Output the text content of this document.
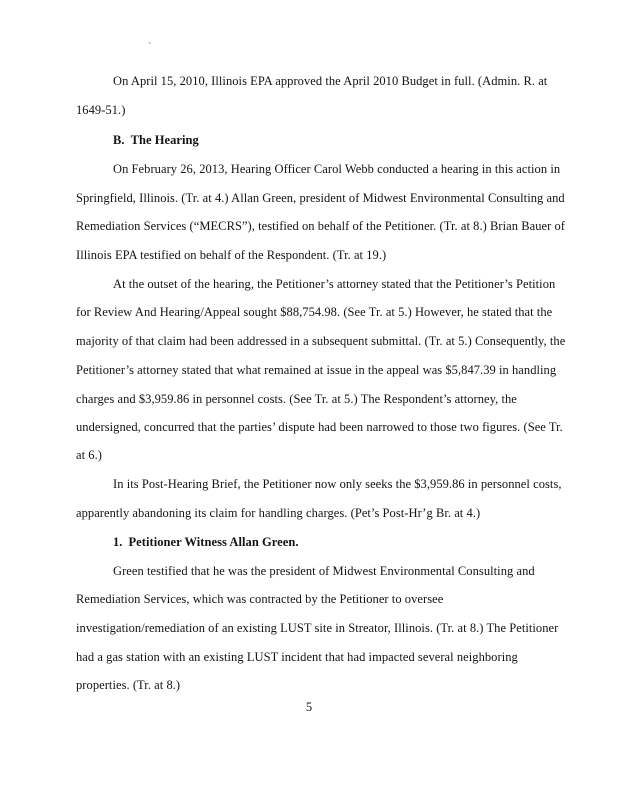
`
On April 15, 2010, Illinois EPA approved the April 2010 Budget in full. (Admin. R. at
1649-51.)
B. The Hearing
On February 26, 2013, Hearing Officer Carol Webb conducted a hearing in this action in
Springfield, Illinois. (Tr. at 4.) Allan Green, president of Midwest Environmental Consulting and
Remediation Services (“MECRS”), testified on behalf of the Petitioner. (Tr. at 8.) Brian Bauer of
Illinois EPA testified on behalf of the Respondent. (Tr. at 19.)
At the outset of the hearing, the Petitioner’s attorney stated that the Petitioner’s Petition
for Review And Hearing/Appeal sought $88,754.98. (See Tr. at 5.) However, he stated that the
majority of that claim had been addressed in a subsequent submittal. (Tr. at 5.) Consequently, the
Petitioner’s attorney stated that what remained at issue in the appeal was $5,847.39 in handling
charges and $3,959.86 in personnel costs. (See Tr. at 5.) The Respondent’s attorney, the
undersigned, concurred that the parties’ dispute had been narrowed to those two figures. (See Tr.
at 6.)
In its Post-Hearing Brief, the Petitioner now only seeks the $3,959.86 in personnel costs,
apparently abandoning its claim for handling charges. (Pet’s Post-Hr’g Br. at 4.)
1. Petitioner Witness Allan Green.
Green testified that he was the president of Midwest Environmental Consulting and
Remediation Services, which was contracted by the Petitioner to oversee
investigation/remediation of an existing LUST site in Streator, Illinois. (Tr. at 8.) The Petitioner
had a gas station with an existing LUST incident that had impacted several neighboring
properties. (Tr. at 8.)
5
